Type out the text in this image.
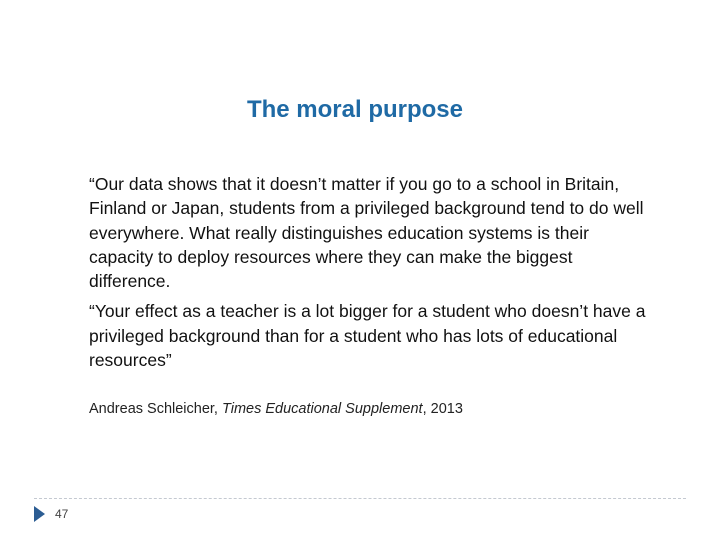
The moral purpose

“Our data shows that it doesn’t matter if you go to a school in Britain, Finland or Japan, students from a privileged background tend to do well everywhere. What really distinguishes education systems is their capacity to deploy resources where they can make the biggest difference.

“Your effect as a teacher is a lot bigger for a student who doesn’t have a privileged background than for a student who has lots of educational resources”

Andreas Schleicher, Times Educational Supplement, 2013
47
